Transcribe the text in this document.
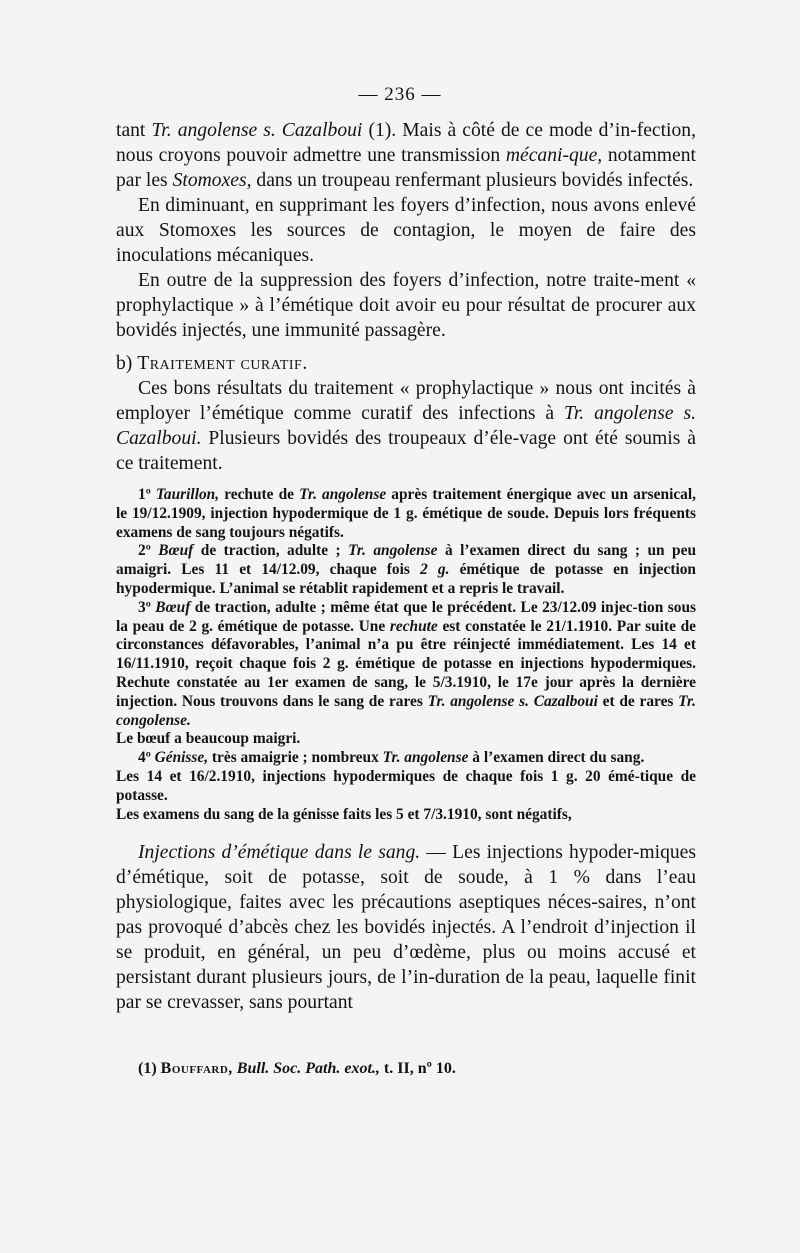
— 236 —

tant Tr. angolense s. Cazalboui (1). Mais à côté de ce mode d’in-fection, nous croyons pouvoir admettre une transmission mécani-que, notamment par les Stomoxes, dans un troupeau renfermant plusieurs bovidés infectés.

En diminuant, en supprimant les foyers d’infection, nous avons enlevé aux Stomoxes les sources de contagion, le moyen de faire des inoculations mécaniques.

En outre de la suppression des foyers d’infection, notre traite-ment « prophylactique » à l’émétique doit avoir eu pour résultat de procurer aux bovidés injectés, une immunité passagère.

b) Traitement curatif.

Ces bons résultats du traitement « prophylactique » nous ont incités à employer l’émétique comme curatif des infections à Tr. angolense s. Cazalboui. Plusieurs bovidés des troupeaux d’éle-vage ont été soumis à ce traitement.

1º Taurillon, rechute de Tr. angolense après traitement énergique avec un arsenical, le 19/12.1909, injection hypodermique de 1 g. émétique de soude. Depuis lors fréquents examens de sang toujours négatifs.

2º Bœuf de traction, adulte ; Tr. angolense à l’examen direct du sang ; un peu amaigri. Les 11 et 14/12.09, chaque fois 2 g. émétique de potasse en injection hypodermique. L’animal se rétablit rapidement et a repris le travail.

3º Bœuf de traction, adulte ; même état que le précédent. Le 23/12.09 injec-tion sous la peau de 2 g. émétique de potasse. Une rechute est constatée le 21/1.1910. Par suite de circonstances défavorables, l’animal n’a pu être réinjecté immédiatement. Les 14 et 16/11.1910, reçoit chaque fois 2 g. émétique de potasse en injections hypodermiques. Rechute constatée au 1er examen de sang, le 5/3.1910, le 17e jour après la dernière injection. Nous trouvons dans le sang de rares Tr. angolense s. Cazalboui et de rares Tr. congolense.

Le bœuf a beaucoup maigri.

4º Génisse, très amaigrie ; nombreux Tr. angolense à l’examen direct du sang.

Les 14 et 16/2.1910, injections hypodermiques de chaque fois 1 g. 20 émé-tique de potasse.

Les examens du sang de la génisse faits les 5 et 7/3.1910, sont négatifs,

Injections d’émétique dans le sang. — Les injections hypoder-miques d’émétique, soit de potasse, soit de soude, à 1 % dans l’eau physiologique, faites avec les précautions aseptiques néces-saires, n’ont pas provoqué d’abcès chez les bovidés injectés. A l’endroit d’injection il se produit, en général, un peu d’œdème, plus ou moins accusé et persistant durant plusieurs jours, de l’in-duration de la peau, laquelle finit par se crevasser, sans pourtant

(1) Bouffard, Bull. Soc. Path. exot., t. II, nº 10.
